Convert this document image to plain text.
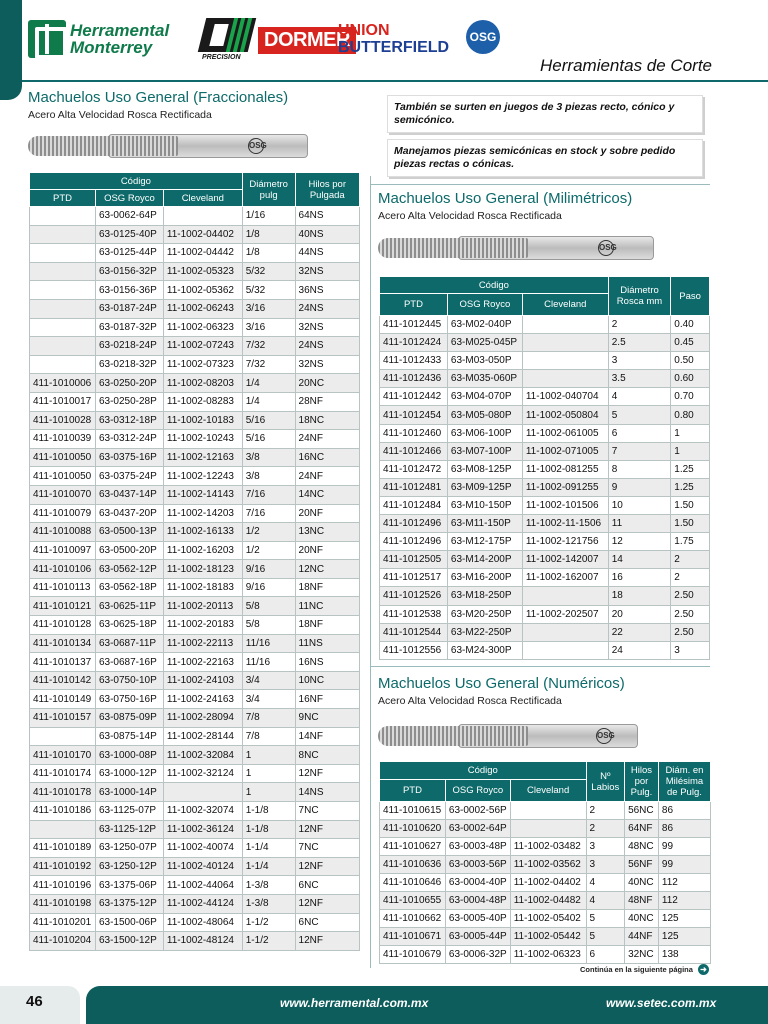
Herramental
Monterrey
PRECISION
DORMER
UNION
BUTTERFIELD
OSG
Herramientas de Corte
Machuelos Uso General (Fraccionales)
Acero Alta Velocidad Rosca Rectificada
OSG
Código			Diámetro pulg	Hilos por Pulgada
PTD	OSG Royco	Cleveland		
	63-0062-64P		1/16	64NS
	63-0125-40P	11-1002-04402	1/8	40NS
	63-0125-44P	11-1002-04442	1/8	44NS
	63-0156-32P	11-1002-05323	5/32	32NS
	63-0156-36P	11-1002-05362	5/32	36NS
	63-0187-24P	11-1002-06243	3/16	24NS
	63-0187-32P	11-1002-06323	3/16	32NS
	63-0218-24P	11-1002-07243	7/32	24NS
	63-0218-32P	11-1002-07323	7/32	32NS
411-1010006	63-0250-20P	11-1002-08203	1/4	20NC
411-1010017	63-0250-28P	11-1002-08283	1/4	28NF
411-1010028	63-0312-18P	11-1002-10183	5/16	18NC
411-1010039	63-0312-24P	11-1002-10243	5/16	24NF
411-1010050	63-0375-16P	11-1002-12163	3/8	16NC
411-1010050	63-0375-24P	11-1002-12243	3/8	24NF
411-1010070	63-0437-14P	11-1002-14143	7/16	14NC
411-1010079	63-0437-20P	11-1002-14203	7/16	20NF
411-1010088	63-0500-13P	11-1002-16133	1/2	13NC
411-1010097	63-0500-20P	11-1002-16203	1/2	20NF
411-1010106	63-0562-12P	11-1002-18123	9/16	12NC
411-1010113	63-0562-18P	11-1002-18183	9/16	18NF
411-1010121	63-0625-11P	11-1002-20113	5/8	11NC
411-1010128	63-0625-18P	11-1002-20183	5/8	18NF
411-1010134	63-0687-11P	11-1002-22113	11/16	11NS
411-1010137	63-0687-16P	11-1002-22163	11/16	16NS
411-1010142	63-0750-10P	11-1002-24103	3/4	10NC
411-1010149	63-0750-16P	11-1002-24163	3/4	16NF
411-1010157	63-0875-09P	11-1002-28094	7/8	9NC
	63-0875-14P	11-1002-28144	7/8	14NF
411-1010170	63-1000-08P	11-1002-32084	1	8NC
411-1010174	63-1000-12P	11-1002-32124	1	12NF
411-1010178	63-1000-14P		1	14NS
411-1010186	63-1125-07P	11-1002-32074	1-1/8	7NC
	63-1125-12P	11-1002-36124	1-1/8	12NF
411-1010189	63-1250-07P	11-1002-40074	1-1/4	7NC
411-1010192	63-1250-12P	11-1002-40124	1-1/4	12NF
411-1010196	63-1375-06P	11-1002-44064	1-3/8	6NC
411-1010198	63-1375-12P	11-1002-44124	1-3/8	12NF
411-1010201	63-1500-06P	11-1002-48064	1-1/2	6NC
411-1010204	63-1500-12P	11-1002-48124	1-1/2	12NF
También se surten en juegos de 3 piezas recto, cónico y semicónico.
Manejamos piezas semicónicas en stock y sobre pedido piezas rectas o cónicas.
Machuelos Uso General (Milimétricos)
Acero Alta Velocidad Rosca Rectificada
OSG
Código			Diámetro Rosca mm	Paso
PTD	OSG Royco	Cleveland		
411-1012445	63-M02-040P		2	0.40
411-1012424	63-M025-045P		2.5	0.45
411-1012433	63-M03-050P		3	0.50
411-1012436	63-M035-060P		3.5	0.60
411-1012442	63-M04-070P	11-1002-040704	4	0.70
411-1012454	63-M05-080P	11-1002-050804	5	0.80
411-1012460	63-M06-100P	11-1002-061005	6	1
411-1012466	63-M07-100P	11-1002-071005	7	1
411-1012472	63-M08-125P	11-1002-081255	8	1.25
411-1012481	63-M09-125P	11-1002-091255	9	1.25
411-1012484	63-M10-150P	11-1002-101506	10	1.50
411-1012496	63-M11-150P	11-1002-11-1506	11	1.50
411-1012496	63-M12-175P	11-1002-121756	12	1.75
411-1012505	63-M14-200P	11-1002-142007	14	2
411-1012517	63-M16-200P	11-1002-162007	16	2
411-1012526	63-M18-250P		18	2.50
411-1012538	63-M20-250P	11-1002-202507	20	2.50
411-1012544	63-M22-250P		22	2.50
411-1012556	63-M24-300P		24	3
Machuelos Uso General (Numéricos)
Acero Alta Velocidad Rosca Rectificada
OSG
Código			Nº Labios	Hilos por Pulg.	Diám. en Milésima de Pulg.
PTD	OSG Royco	Cleveland			
411-1010615	63-0002-56P		2	56NC	86
411-1010620	63-0002-64P		2	64NF	86
411-1010627	63-0003-48P	11-1002-03482	3	48NC	99
411-1010636	63-0003-56P	11-1002-03562	3	56NF	99
411-1010646	63-0004-40P	11-1002-04402	4	40NC	112
411-1010655	63-0004-48P	11-1002-04482	4	48NF	112
411-1010662	63-0005-40P	11-1002-05402	5	40NC	125
411-1010671	63-0005-44P	11-1002-05442	5	44NF	125
411-1010679	63-0006-32P	11-1002-06323	6	32NC	138
Continúa en la siguiente página ➜
46	www.herramental.com.mx	www.setec.com.mx
